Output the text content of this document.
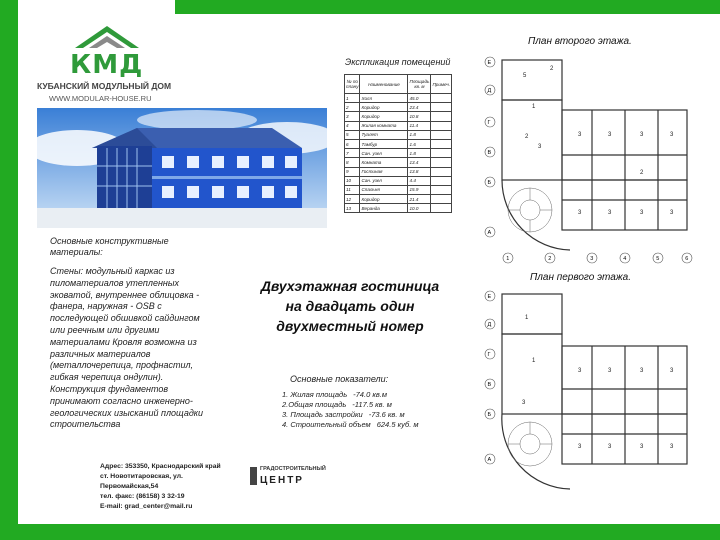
КМД
КУБАНСКИЙ МОДУЛЬНЫЙ ДОМ
WWW.MODULAR-HOUSE.RU
Основные конструктивные материалы:
Стены: модульный каркас из пиломатериалов утепленных эковатой, внутреннее облицовка - фанера, наружная - OSB с последующей обшивкой сайдингом или реечным или другими материалами Кровля возможна из различных материалов (металлочерепица, профнастил, гибкая черепица ондулин). Конструкция фундаментов принимают согласно инженерно-геологических изысканий площадки строительства
Адрес: 353350, Краснодарский край
ст. Новотитаровская, ул. Первомайская,54
тел. факс: (86158) 3 32-19
E-mail: grad_center@mail.ru
ГРАДОСТРОИТЕЛЬНЫЙ
ЦЕНТР
Двухэтажная гостиница
на двадцать один
двухместный номер
Основные показатели:
1. Жилая площадь -74.0 кв.м
2.Общая площадь -117.5 кв. м
3. Площадь застройки -73.6 кв. м
4. Строительный объем 624.5 куб. м
Экспликация помещений
№ по плану	Наименование	Площадь кв. м	Примеч.
1	Холл	45.0	
2	Коридор	23.4	
3	Коридор	10.8	
4	Жилая комната	11.4	
5	Туалет	1.8	
6	Тамбур	1.6	
7	Сан. узел	1.8	
8	Комната	13.4	
9	Гостиная	13.8	
10	Сан. узел	4.4	
11	Спальня	15.9	
12	Коридор	21.4	
13	Веранда	10.0	
План второго этажа.
5
2
1
2
3
3	3	3	3
2
3	3	3	3
Е
Д
Г
В
Б
А
1	2	3	4	5	6
План первого этажа.
1
1
3
3	3	3	3
3	3	3	3
Е
Д
Г
В
Б
А
